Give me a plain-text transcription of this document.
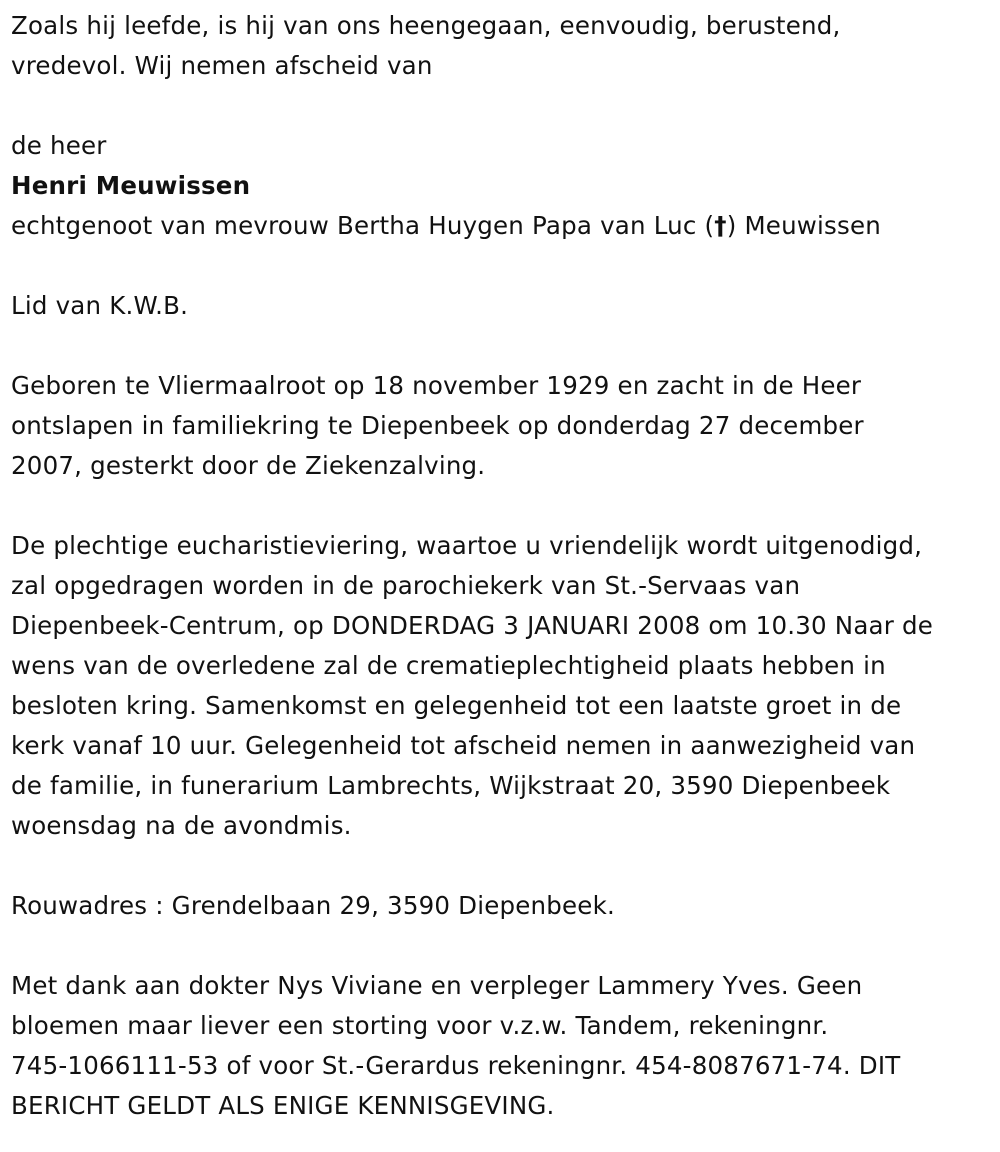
Zoals hij leefde, is hij van ons heengegaan, eenvoudig, berustend,
vredevol. Wij nemen afscheid van
de heer
Henri Meuwissen
echtgenoot van mevrouw Bertha Huygen Papa van Luc (†) Meuwissen
Lid van K.W.B.
Geboren te Vliermaalroot op 18 november 1929 en zacht in de Heer
ontslapen in familiekring te Diepenbeek op donderdag 27 december
2007, gesterkt door de Ziekenzalving.
De plechtige eucharistieviering, waartoe u vriendelijk wordt uitgenodigd,
zal opgedragen worden in de parochiekerk van St.-Servaas van
Diepenbeek-Centrum, op DONDERDAG 3 JANUARI 2008 om 10.30 Naar de
wens van de overledene zal de crematieplechtigheid plaats hebben in
besloten kring. Samenkomst en gelegenheid tot een laatste groet in de
kerk vanaf 10 uur. Gelegenheid tot afscheid nemen in aanwezigheid van
de familie, in funerarium Lambrechts, Wijkstraat 20, 3590 Diepenbeek
woensdag na de avondmis.
Rouwadres : Grendelbaan 29, 3590 Diepenbeek.
Met dank aan dokter Nys Viviane en verpleger Lammery Yves. Geen
bloemen maar liever een storting voor v.z.w. Tandem, rekeningnr.
745-1066111-53 of voor St.-Gerardus rekeningnr. 454-8087671-74. DIT
BERICHT GELDT ALS ENIGE KENNISGEVING.
